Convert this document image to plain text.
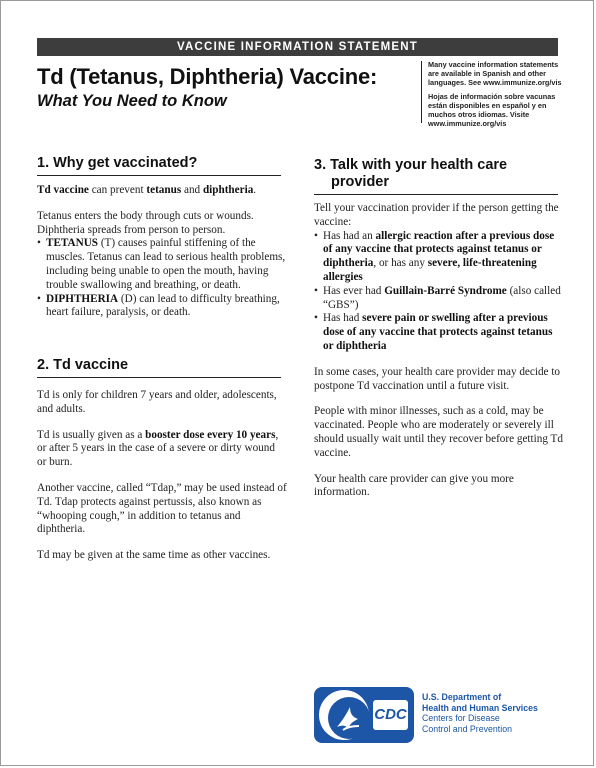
VACCINE INFORMATION STATEMENT
Td (Tetanus, Diphtheria) Vaccine:
What You Need to Know

Many vaccine information statements are available in Spanish and other languages. See www.immunize.org/vis

Hojas de información sobre vacunas están disponibles en español y en muchos otros idiomas. Visite www.immunize.org/vis

1. Why get vaccinated?

Td vaccine can prevent tetanus and diphtheria.

Tetanus enters the body through cuts or wounds. Diphtheria spreads from person to person.

• TETANUS (T) causes painful stiffening of the muscles. Tetanus can lead to serious health problems, including being unable to open the mouth, having trouble swallowing and breathing, or death.
• DIPHTHERIA (D) can lead to difficulty breathing, heart failure, paralysis, or death.
2. Td vaccine

Td is only for children 7 years and older, adolescents, and adults.

Td is usually given as a booster dose every 10 years, or after 5 years in the case of a severe or dirty wound or burn.

Another vaccine, called “Tdap,” may be used instead of Td. Tdap protects against pertussis, also known as “whooping cough,” in addition to tetanus and diphtheria.

Td may be given at the same time as other vaccines.

3. Talk with your health care
provider

Tell your vaccination provider if the person getting the vaccine:

• Has had an allergic reaction after a previous dose of any vaccine that protects against tetanus or diphtheria, or has any severe, life-threatening allergies
• Has ever had Guillain-Barré Syndrome (also called “GBS”)
• Has had severe pain or swelling after a previous dose of any vaccine that protects against tetanus or diphtheria

In some cases, your health care provider may decide to postpone Td vaccination until a future visit.

People with minor illnesses, such as a cold, may be vaccinated. People who are moderately or severely ill should usually wait until they recover before getting Td vaccine.

Your health care provider can give you more information.

CDC
U.S. Department of
Health and Human Services
Centers for Disease
Control and Prevention
